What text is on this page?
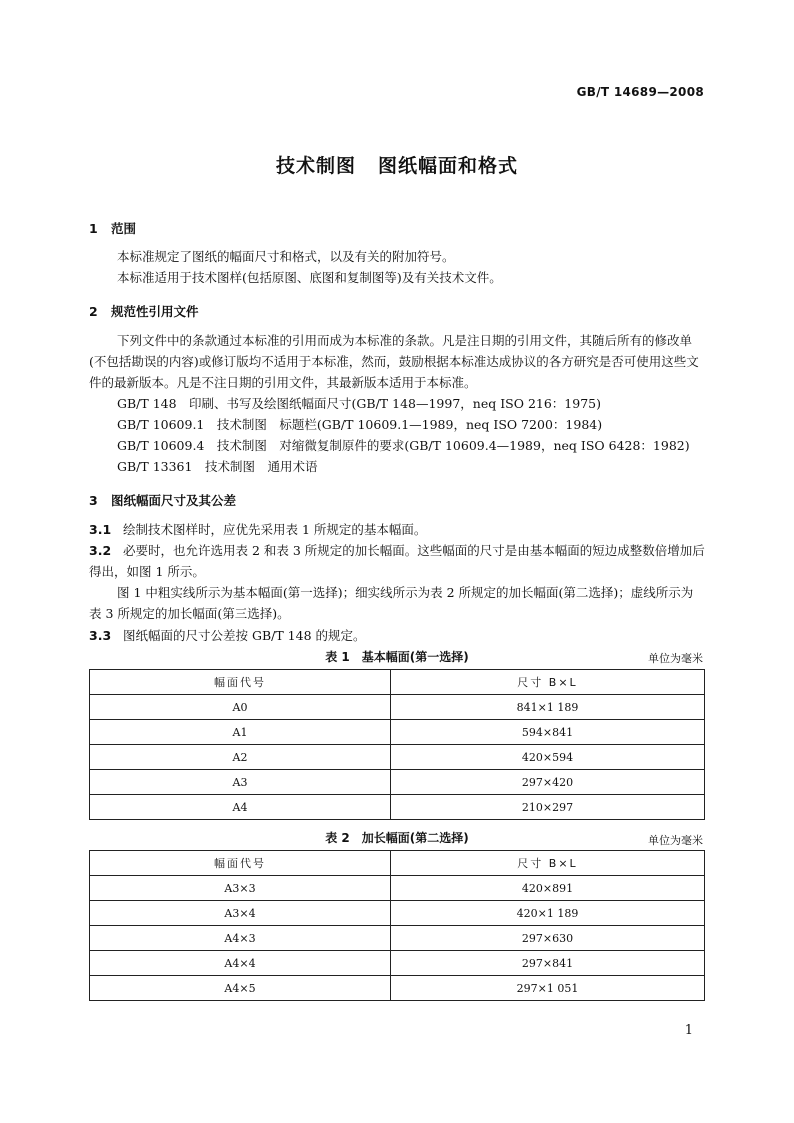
GB/T 14689—2008
技术制图 图纸幅面和格式
1 范围
本标准规定了图纸的幅面尺寸和格式，以及有关的附加符号。
本标准适用于技术图样(包括原图、底图和复制图等)及有关技术文件。
2 规范性引用文件
下列文件中的条款通过本标准的引用而成为本标准的条款。凡是注日期的引用文件，其随后所有的修改单(不包括勘误的内容)或修订版均不适用于本标准，然而，鼓励根据本标准达成协议的各方研究是否可使用这些文件的最新版本。凡是不注日期的引用文件，其最新版本适用于本标准。
GB/T 148　印刷、书写及绘图纸幅面尺寸(GB/T 148—1997，neq ISO 216：1975)
GB/T 10609.1　技术制图　标题栏(GB/T 10609.1—1989，neq ISO 7200：1984)
GB/T 10609.4　技术制图　对缩微复制原件的要求(GB/T 10609.4—1989，neq ISO 6428：1982)
GB/T 13361　技术制图　通用术语
3 图纸幅面尺寸及其公差
3.1 绘制技术图样时，应优先采用表 1 所规定的基本幅面。
3.2 必要时，也允许选用表 2 和表 3 所规定的加长幅面。这些幅面的尺寸是由基本幅面的短边成整数倍增加后得出，如图 1 所示。
图 1 中粗实线所示为基本幅面(第一选择)；细实线所示为表 2 所规定的加长幅面(第二选择)；虚线所示为表 3 所规定的加长幅面(第三选择)。
3.3 图纸幅面的尺寸公差按 GB/T 148 的规定。
表 1　基本幅面(第一选择)	单位为毫米
幅面代号	尺寸 B×L
A0	841×1 189
A1	594×841
A2	420×594
A3	297×420
A4	210×297
表 2　加长幅面(第二选择)	单位为毫米
幅面代号	尺寸 B×L
A3×3	420×891
A3×4	420×1 189
A4×3	297×630
A4×4	297×841
A4×5	297×1 051
1
